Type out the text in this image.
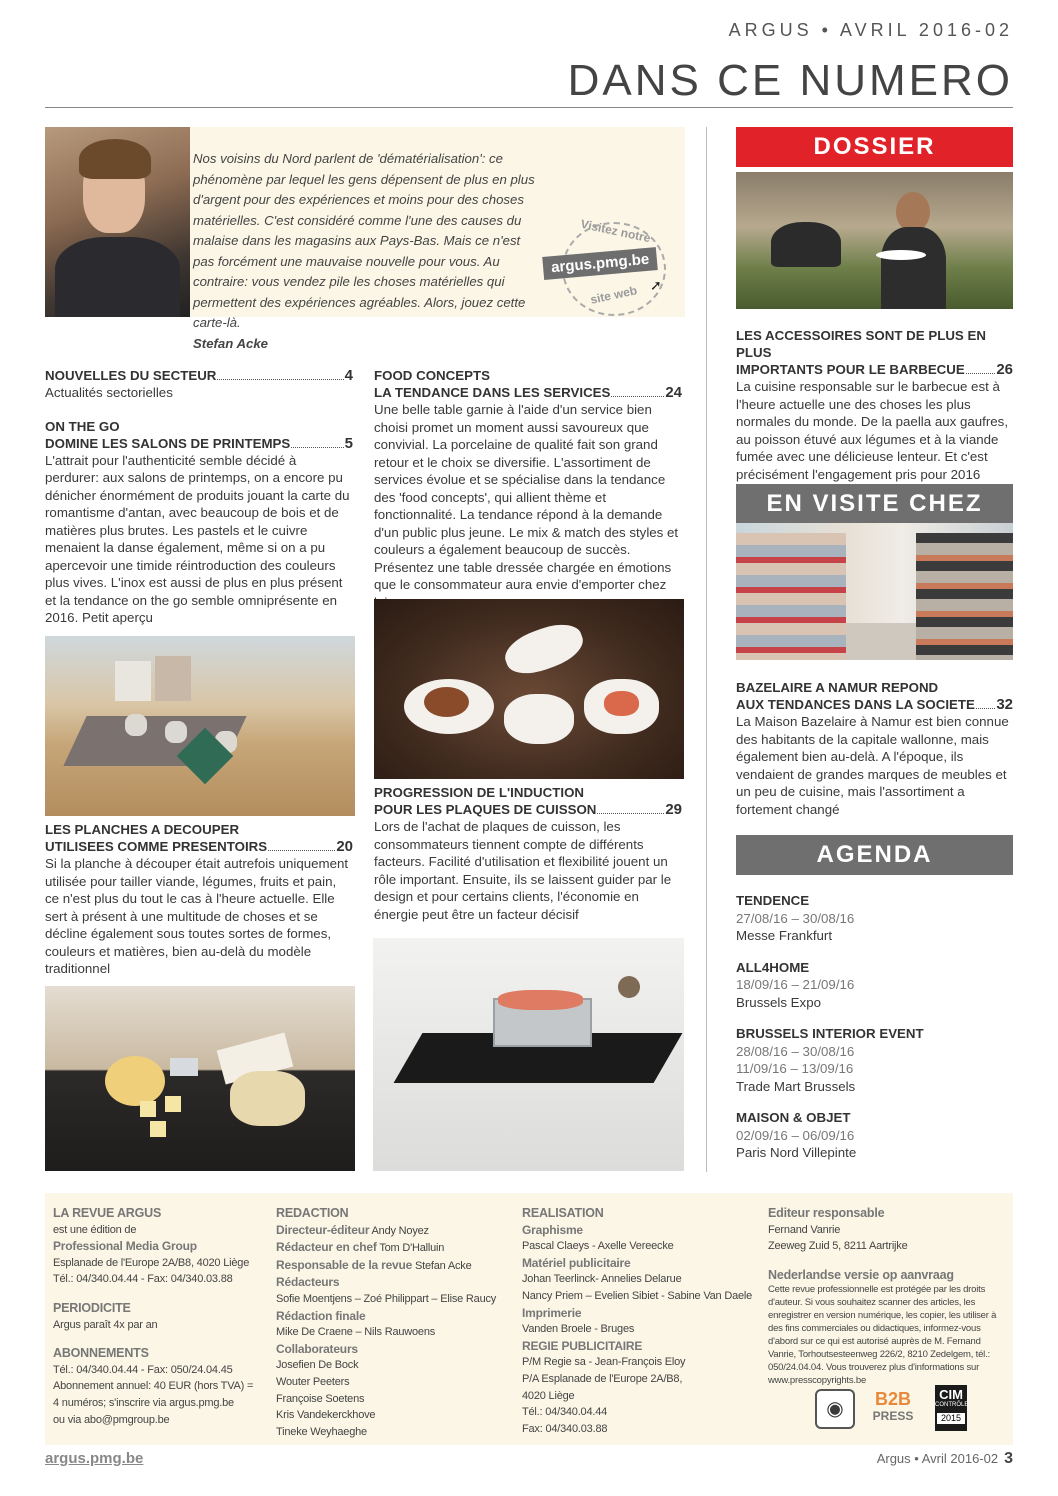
ARGUS • AVRIL 2016-02
DANS CE NUMERO

Nos voisins du Nord parlent de 'dématérialisation': ce phénomène par lequel les gens dépensent de plus en plus d'argent pour des expériences et moins pour des choses matérielles. C'est considéré comme l'une des causes du malaise dans les magasins aux Pays-Bas. Mais ce n'est pas forcément une mauvaise nouvelle pour vous. Au contraire: vous vendez pile les choses matérielles qui permettent des expériences agréables. Alors, jouez cette carte-là.

Stefan Acke

Visitez notre
argus.pmg.be
site web ➚
NOUVELLES DU SECTEUR	4
Actualités sectorielles
ON THE GO
DOMINE LES SALONS DE PRINTEMPS	5
L'attrait pour l'authenticité semble décidé à perdurer: aux salons de printemps, on a encore pu dénicher énormément de produits jouant la carte du romantisme d'antan, avec beaucoup de bois et de matières plus brutes. Les pastels et le cuivre menaient la danse également, même si on a pu apercevoir une timide réintroduction des couleurs plus vives. L'inox est aussi de plus en plus présent et la tendance on the go semble omniprésente en 2016. Petit aperçu
LES PLANCHES A DECOUPER
UTILISEES COMME PRESENTOIRS	20
Si la planche à découper était autrefois uniquement utilisée pour tailler viande, légumes, fruits et pain, ce n'est plus du tout le cas à l'heure actuelle. Elle sert à présent à une multitude de choses et se décline également sous toutes sortes de formes, couleurs et matières, bien au-delà du modèle traditionnel
FOOD CONCEPTS
LA TENDANCE DANS LES SERVICES	24
Une belle table garnie à l'aide d'un service bien choisi promet un moment aussi savoureux que convivial. La porcelaine de qualité fait son grand retour et le choix se diversifie. L'assortiment de services évolue et se spécialise dans la tendance des 'food concepts', qui allient thème et fonctionnalité. La tendance répond à la demande d'un public plus jeune. Le mix & match des styles et couleurs a également beaucoup de succès. Présentez une table dressée chargée en émotions que le consommateur aura envie d'emporter chez
PROGRESSION DE L'INDUCTION
POUR LES PLAQUES DE CUISSON	29
Lors de l'achat de plaques de cuisson, les consommateurs tiennent compte de différents facteurs. Facilité d'utilisation et flexibilité jouent un rôle important. Ensuite, ils se laissent guider par le design et pour certains clients, l'économie en énergie peut être un facteur décisif
DOSSIER
LES ACCESSOIRES SONT DE PLUS EN PLUS
IMPORTANTS POUR LE BARBECUE 26
La cuisine responsable sur le barbecue est à l'heure actuelle une des choses les plus normales du monde. De la paella aux gaufres, au poisson étuvé aux légumes et à la viande fumée avec une délicieuse lenteur. Et c'est précisément l'engagement pris pour 2016
EN VISITE CHEZ
BAZELAIRE A NAMUR REPOND
AUX TENDANCES DANS LA SOCIETE 32
La Maison Bazelaire à Namur est bien connue des habitants de la capitale wallonne, mais également bien au-delà. A l'époque, ils vendaient de grandes marques de meubles et un peu de cuisine, mais l'assortiment a fortement changé
AGENDA
TENDENCE
27/08/16 – 30/08/16
Messe Frankfurt
ALL4HOME
18/09/16 – 21/09/16
Brussels Expo
BRUSSELS INTERIOR EVENT
28/08/16 – 30/08/16
11/09/16 – 13/09/16
Trade Mart Brussels
MAISON & OBJET
02/09/16 – 06/09/16
Paris Nord Villepinte
LA REVUE ARGUS
est une édition de
Professional Media Group
Esplanade de l'Europe 2A/B8, 4020 Liège
Tél.: 04/340.04.44 - Fax: 04/340.03.88
PERIODICITE
Argus paraît 4x par an
ABONNEMENTS
Tél.: 04/340.04.44 - Fax: 050/24.04.45
Abonnement annuel: 40 EUR (hors TVA) =
4 numéros; s'inscrire via argus.pmg.be
ou via abo@pmgroup.be
REDACTION
Directeur-éditeur Andy Noyez
Rédacteur en chef Tom D'Halluin
Responsable de la revue Stefan Acke
Rédacteurs
Sofie Moentjens – Zoé Philippart – Elise Raucy
Rédaction finale
Mike De Craene – Nils Rauwoens
Collaborateurs
Josefien De Bock
Wouter Peeters
Françoise Soetens
Kris Vandekerckhove
Tineke Weyhaeghe
REALISATION
Graphisme
Pascal Claeys - Axelle Vereecke
Matériel publicitaire
Johan Teerlinck- Annelies Delarue
Nancy Priem – Evelien Sibiet - Sabine Van Daele
Imprimerie
Vanden Broele - Bruges
REGIE PUBLICITAIRE
P/M Regie sa - Jean-François Eloy
P/A Esplanade de l'Europe 2A/B8,
4020 Liège
Tél.: 04/340.04.44
Fax: 04/340.03.88
Editeur responsable
Fernand Vanrie
Zeeweg Zuid 5, 8211 Aartrijke
Nederlandse versie op aanvraag
Cette revue professionnelle est protégée par les droits d'auteur. Si vous souhaitez scanner des articles, les enregistrer en version numérique, les copier, les utiliser à des fins commerciales ou didactiques, informez-vous d'abord sur ce qui est autorisé auprès de M. Fernand Vanrie, Torhoutsesteenweg 226/2, 8210 Zedelgem, tél.: 050/24.04.04. Vous trouverez plus d'informations sur www.presscopyrights.be
◉	B2B
PRESS
CIM
CONTRÔLE
2015
argus.pmg.be	Argus • Avril 2016-02 3
